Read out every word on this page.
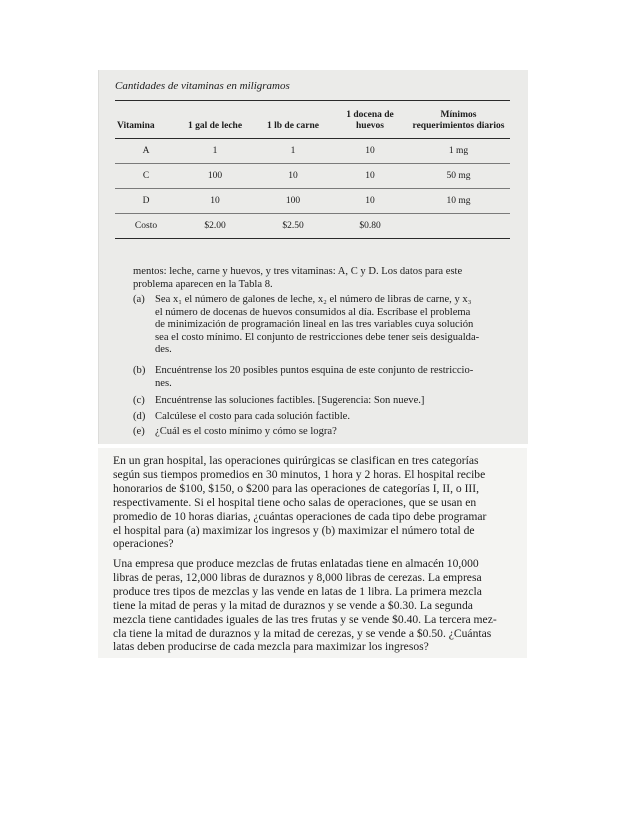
Cantidades de vitaminas en miligramos
Vitamina	1 gal de leche	1 lb de carne	1 docena de huevos	Mínimos requerimientos diarios
A	1	1	10	1 mg
C	100	10	10	50 mg
D	10	100	10	10 mg
Costo	$2.00	$2.50	$0.80	
mentos: leche, carne y huevos, y tres vitaminas: A, C y D. Los datos para este
problema aparecen en la Tabla 8.
(a) Sea x₁ el número de galones de leche, x₂ el número de libras de carne, y x₃
el número de docenas de huevos consumidos al día. Escríbase el problema
de minimización de programación lineal en las tres variables cuya solución
sea el costo mínimo. El conjunto de restricciones debe tener seis desigualda-
des.
(b) Encuéntrense los 20 posibles puntos esquina de este conjunto de restriccio-
nes.
(c) Encuéntrense las soluciones factibles. [Sugerencia: Son nueve.]
(d) Calcúlese el costo para cada solución factible.
(e) ¿Cuál es el costo mínimo y cómo se logra?
En un gran hospital, las operaciones quirúrgicas se clasifican en tres categorías
según sus tiempos promedios en 30 minutos, 1 hora y 2 horas. El hospital recibe
honorarios de $100, $150, o $200 para las operaciones de categorías I, II, o III,
respectivamente. Si el hospital tiene ocho salas de operaciones, que se usan en
promedio de 10 horas diarias, ¿cuántas operaciones de cada tipo debe programar
el hospital para (a) maximizar los ingresos y (b) maximizar el número total de
operaciones?
Una empresa que produce mezclas de frutas enlatadas tiene en almacén 10,000
libras de peras, 12,000 libras de duraznos y 8,000 libras de cerezas. La empresa
produce tres tipos de mezclas y las vende en latas de 1 libra. La primera mezcla
tiene la mitad de peras y la mitad de duraznos y se vende a $0.30. La segunda
mezcla tiene cantidades iguales de las tres frutas y se vende $0.40. La tercera mez-
cla tiene la mitad de duraznos y la mitad de cerezas, y se vende a $0.50. ¿Cuántas
latas deben producirse de cada mezcla para maximizar los ingresos?
